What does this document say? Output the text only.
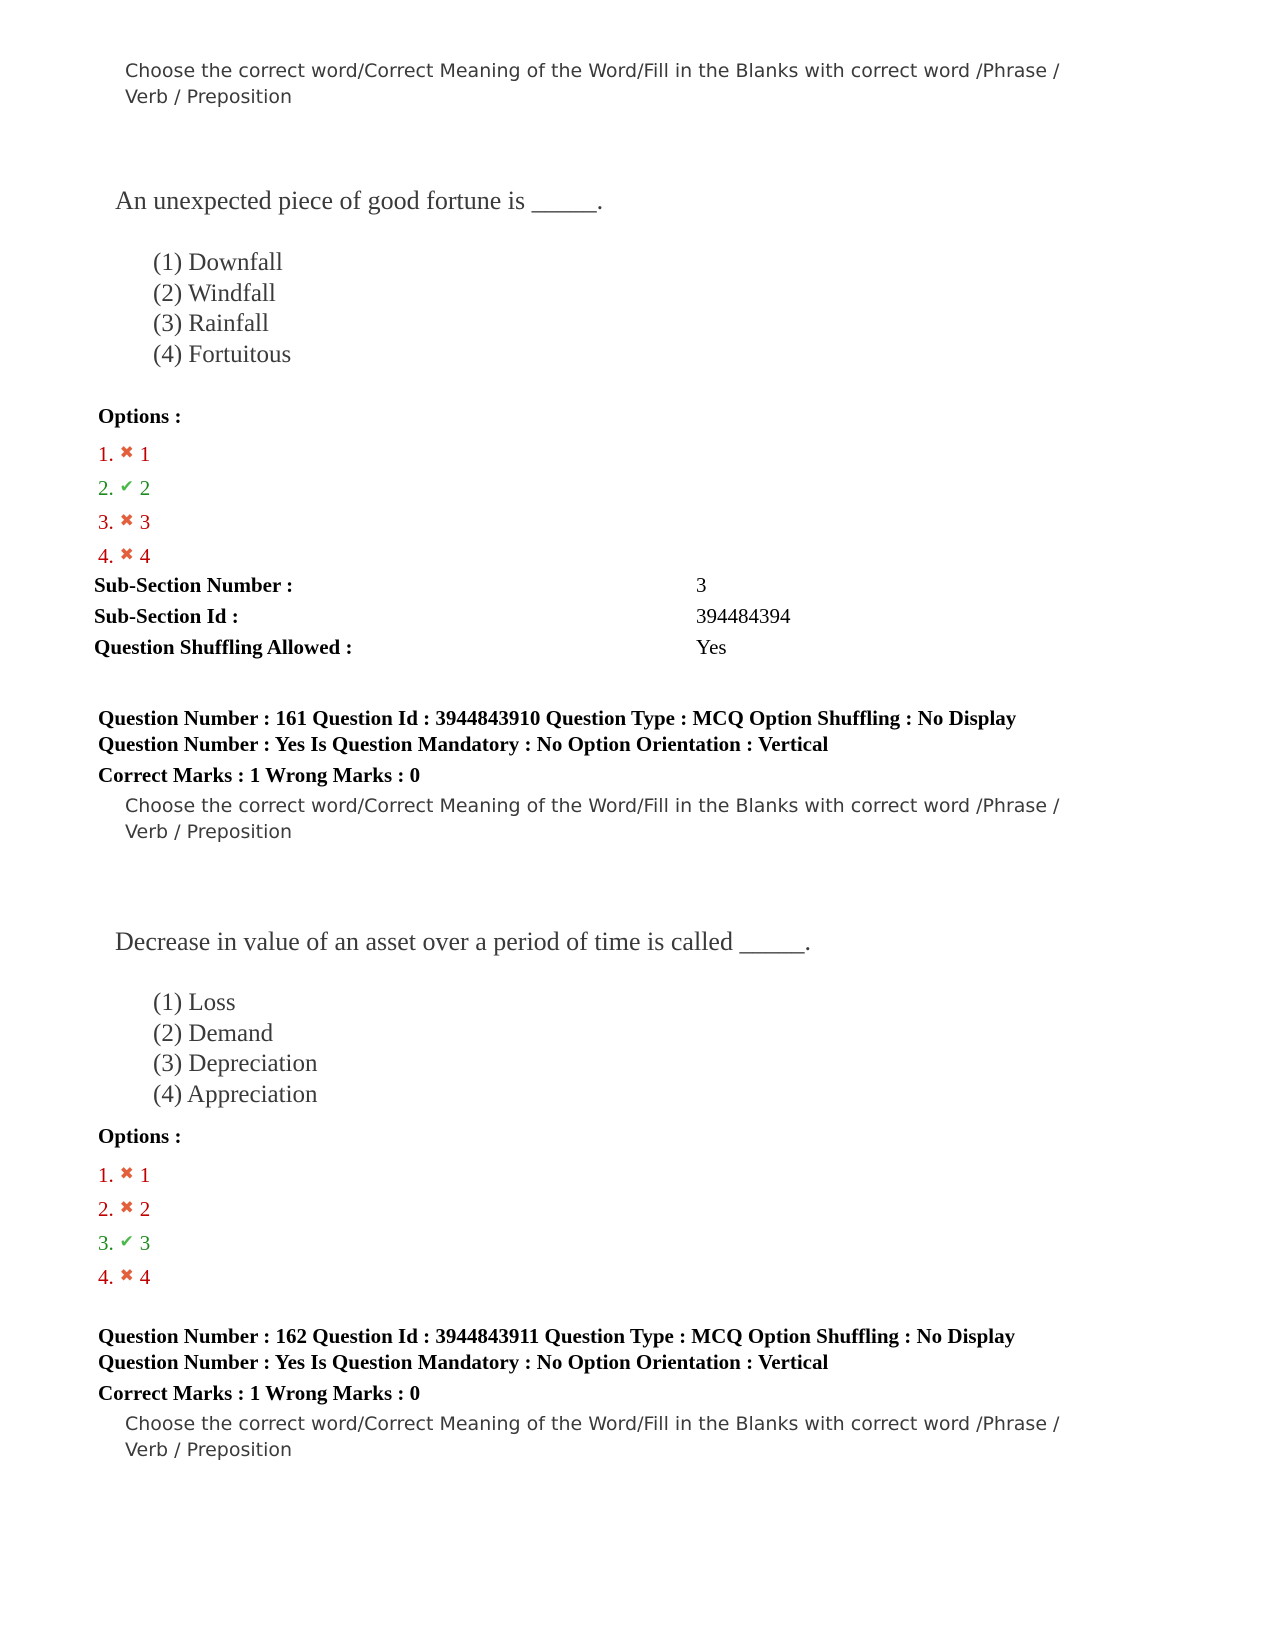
Choose the correct word/Correct Meaning of the Word/Fill in the Blanks with correct word /Phrase / Verb / Preposition
An unexpected piece of good fortune is _____.
(1) Downfall
(2) Windfall
(3) Rainfall
(4) Fortuitous
Options :
1. ✖ 1
2. ✔ 2
3. ✖ 3
4. ✖ 4
Sub-Section Number :	3
Sub-Section Id :	394484394
Question Shuffling Allowed :	Yes
Question Number : 161 Question Id : 3944843910 Question Type : MCQ Option Shuffling : No Display
Question Number : Yes Is Question Mandatory : No Option Orientation : Vertical
Correct Marks : 1 Wrong Marks : 0
Choose the correct word/Correct Meaning of the Word/Fill in the Blanks with correct word /Phrase / Verb / Preposition
Decrease in value of an asset over a period of time is called _____.
(1) Loss
(2) Demand
(3) Depreciation
(4) Appreciation
Options :
1. ✖ 1
2. ✖ 2
3. ✔ 3
4. ✖ 4
Question Number : 162 Question Id : 3944843911 Question Type : MCQ Option Shuffling : No Display
Question Number : Yes Is Question Mandatory : No Option Orientation : Vertical
Correct Marks : 1 Wrong Marks : 0
Choose the correct word/Correct Meaning of the Word/Fill in the Blanks with correct word /Phrase / Verb / Preposition
